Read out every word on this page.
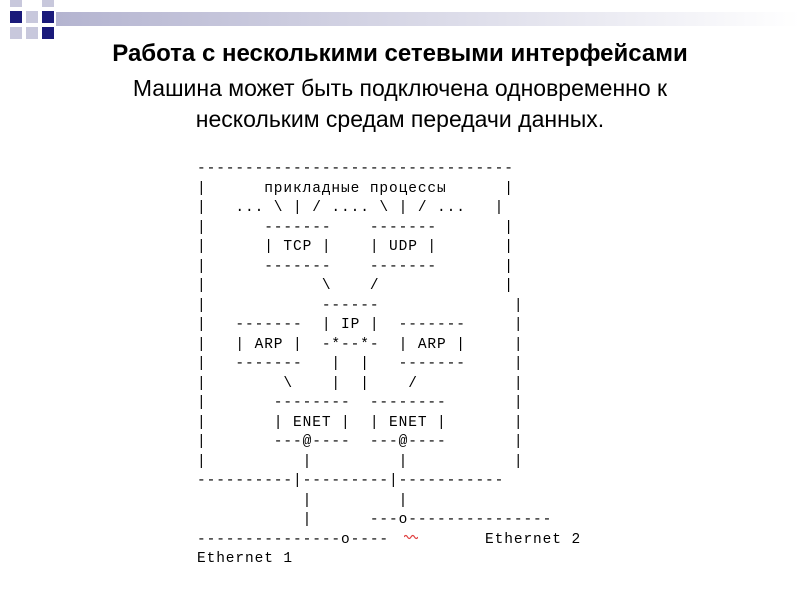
Работа с несколькими сетевыми интерфейсами
Машина может быть подключена одновременно к
нескольким средам передачи данных.
---------------------------------
|      прикладные процессы      |
|   ... \ | / .... \ | / ...   |
|      -------    -------       |
|      | TCP |    | UDP |       |
|      -------    -------       |
|            \    /             |
|            ------              |
|   -------  | IP |  -------     |
|   | ARP |  -*--*-  | ARP |     |
|   -------   |  |   -------     |
|        \    |  |    /          |
|       --------  --------       |
|       | ENET |  | ENET |       |
|       ---@----  ---@----       |
|          |         |           |
----------|---------|-----------
|         |
|      ---o---------------
---------------o----          Ethernet 2
Ethernet 1
